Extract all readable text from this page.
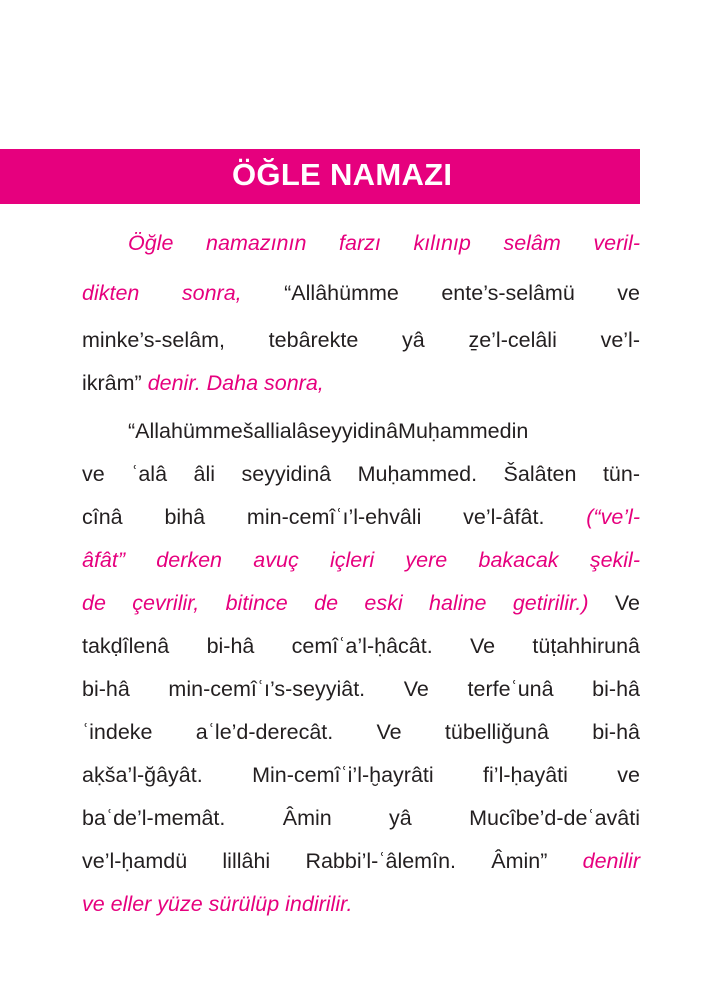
ÖĞLE NAMAZI
Öğle namazının farzı kılınıp selâm veril-
dikten sonra, “Allâhümme ente’s-selâmü ve
minke’s-selâm, tebârekte yâ ẕe’l-celâli ve’l-
ikrâm” denir. Daha sonra,
“AllahümmešallialâseyyidinâMuḥammedin
ve ʿalâ âli seyyidinâ Muḥammed. Šalâten tün-
cînâ bihâ min-cemîʿı’l-ehvâli ve’l-âfât. (“ve’l-
âfât” derken avuç içleri yere bakacak şekil-
de çevrilir, bitince de eski haline getirilir.) Ve
takḍîlenâ bi-hâ cemîʿa’l-ḥâcât. Ve tüṭahhirunâ
bi-hâ min-cemîʿı’s-seyyiât. Ve terfeʿunâ bi-hâ
ʿindeke aʿle’d-derecât. Ve tübelliğunâ bi-hâ
aḳša’l-ğâyât. Min-cemîʿi’l-ḫayrâti fi’l-ḥayâti ve
baʿde’l-memât. Âmin yâ Mucîbe’d-deʿavâti
ve’l-ḥamdü lillâhi Rabbi’l-ʿâlemîn. Âmin” denilir
ve eller yüze sürülüp indirilir.
